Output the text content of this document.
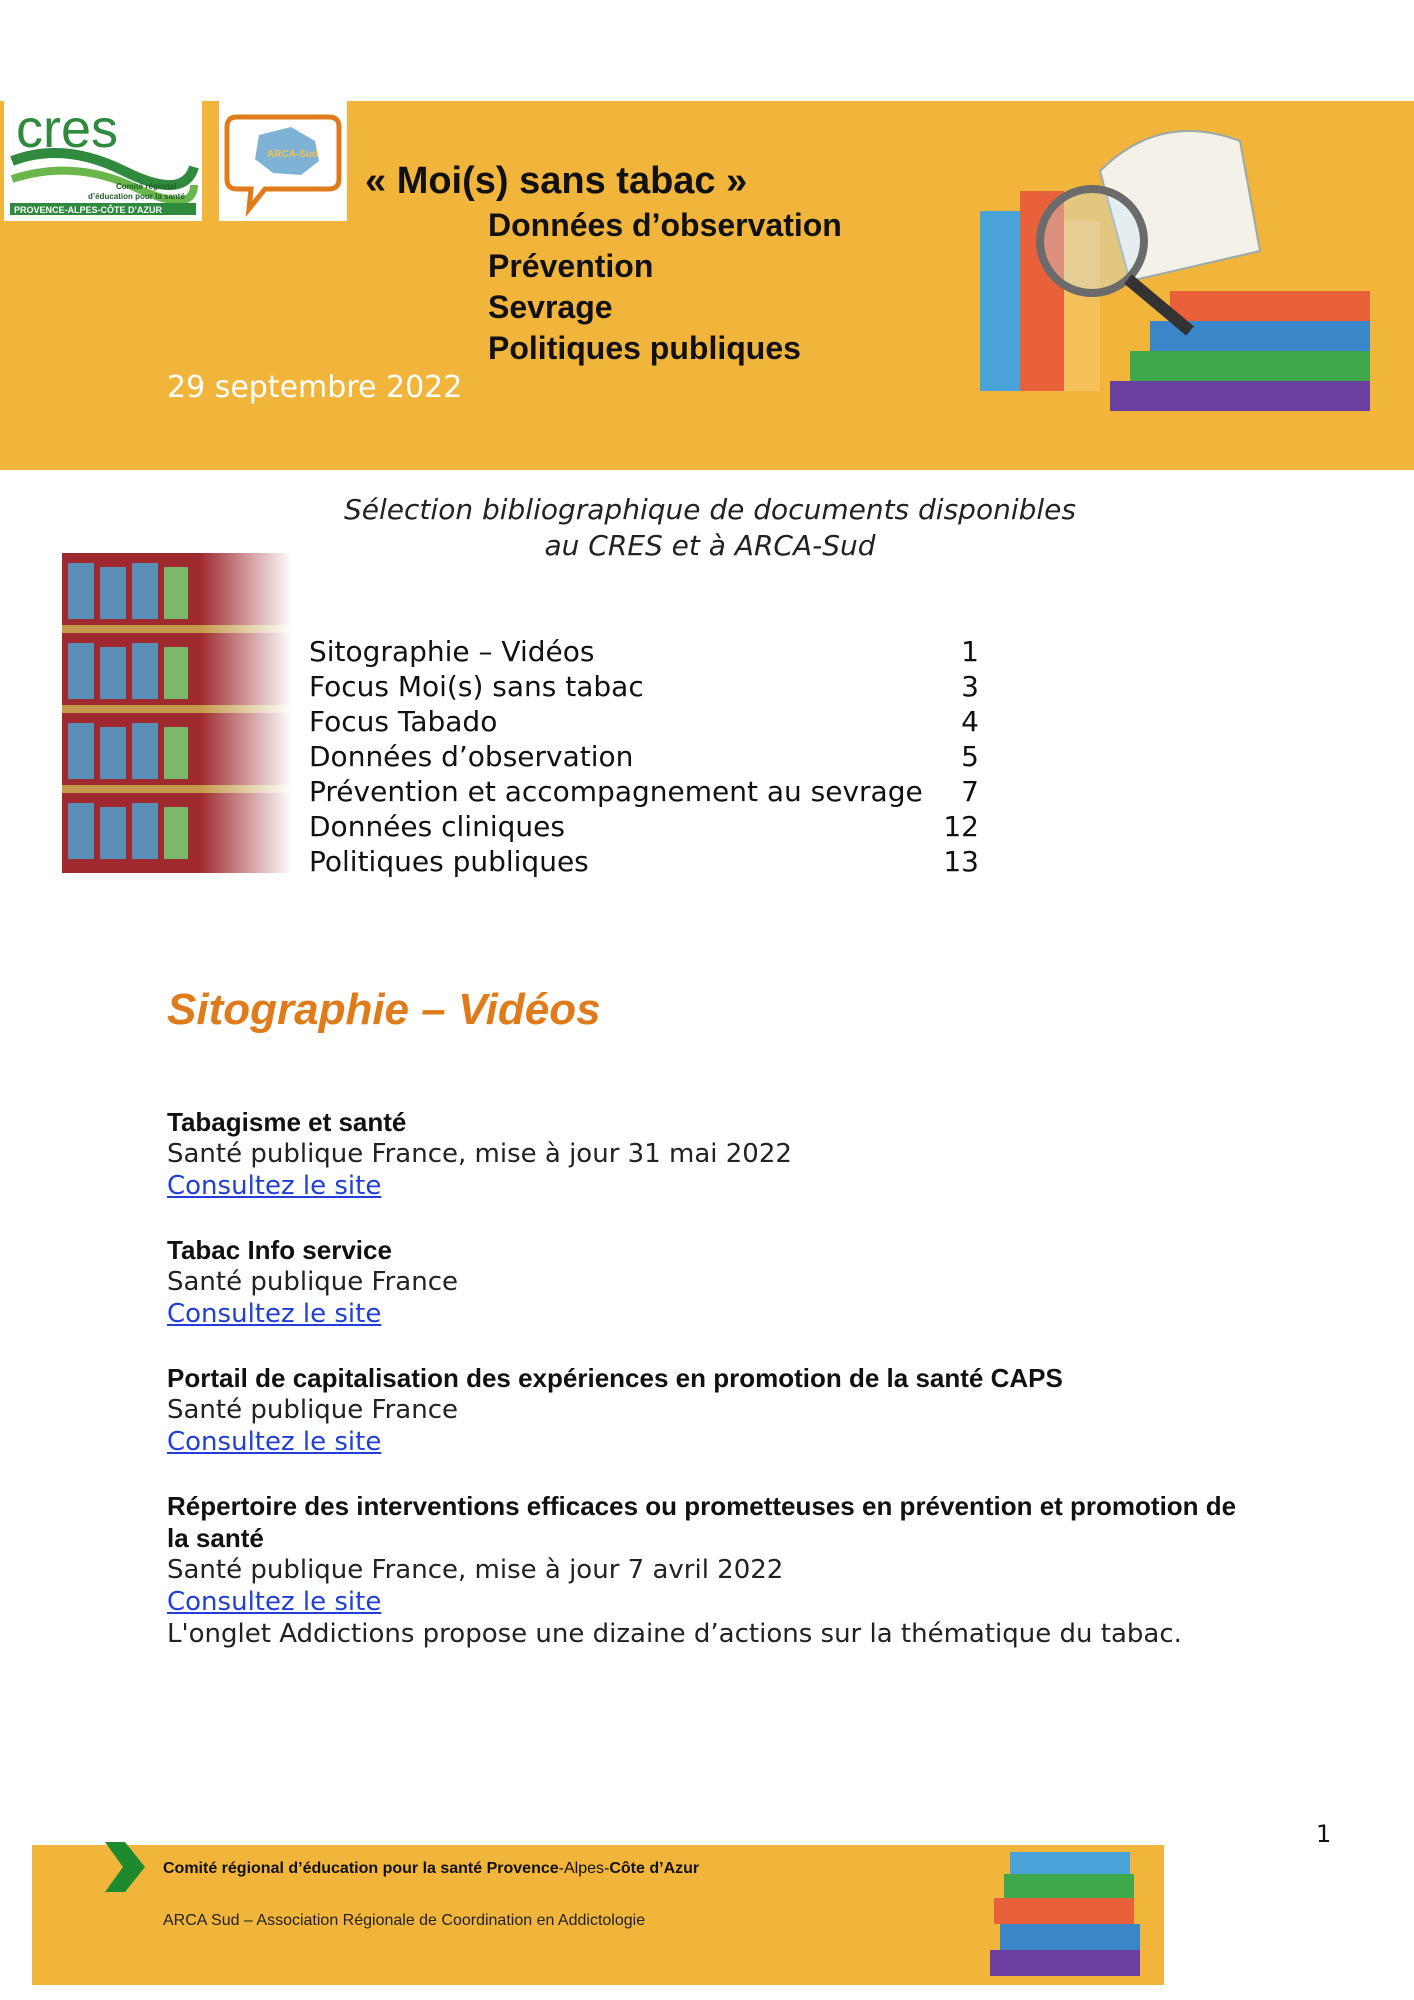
cres
Comité régional
d’éducation pour la santé
PROVENCE-ALPES-CÔTE D’AZUR
ARCA-Sud
« Moi(s) sans tabac »
Données d’observation
Prévention
Sevrage
Politiques publiques
29 septembre 2022
Sélection bibliographique de documents disponibles
au CRES et à ARCA-Sud
Sitographie – Vidéos	1
Focus Moi(s) sans tabac	3
Focus Tabado	4
Données d’observation	5
Prévention et accompagnement au sevrage 7
Données cliniques	12
Politiques publiques	13
Sitographie – Vidéos
Tabagisme et santé
Santé publique France, mise à jour 31 mai 2022
Consultez le site
Tabac Info service
Santé publique France
Consultez le site
Portail de capitalisation des expériences en promotion de la santé CAPS
Santé publique France
Consultez le site
Répertoire des interventions efficaces ou prometteuses en prévention et promotion de la santé
Santé publique France, mise à jour 7 avril 2022
Consultez le site
L'onglet Addictions propose une dizaine d’actions sur la thématique du tabac.
1
Comité régional d’éducation pour la santé Provence-Alpes-Côte d’Azur
ARCA Sud – Association Régionale de Coordination en Addictologie
